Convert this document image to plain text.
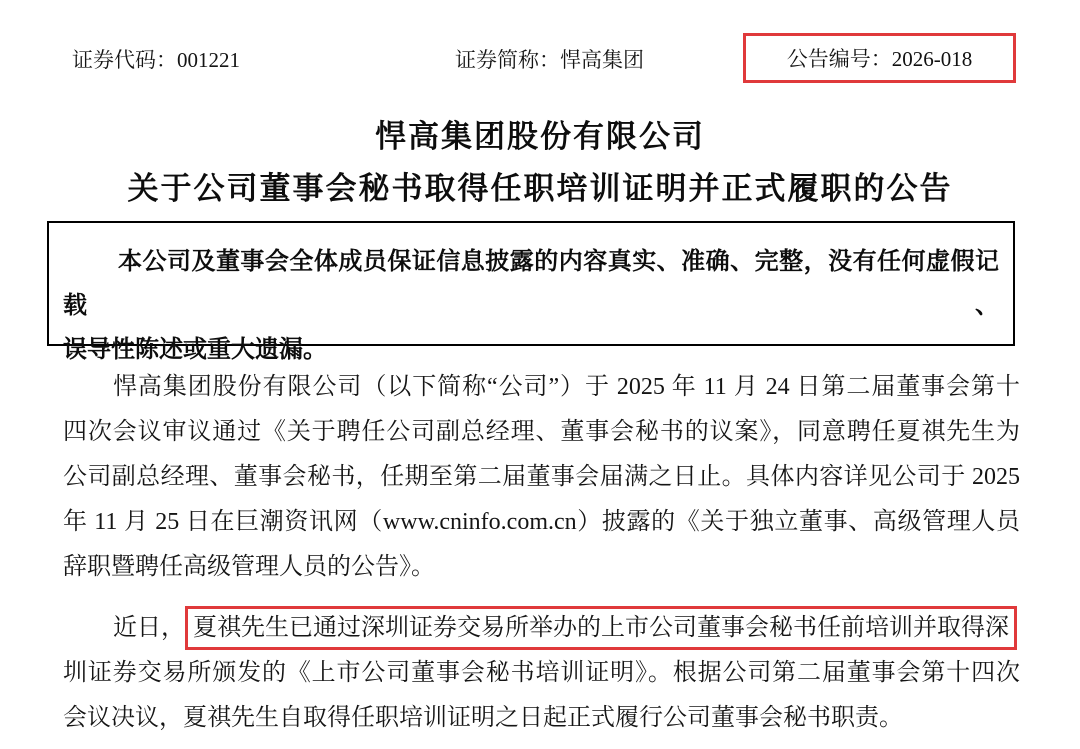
证券代码：001221	证券简称：悍高集团	公告编号：2026-018
悍高集团股份有限公司
关于公司董事会秘书取得任职培训证明并正式履职的公告
本公司及董事会全体成员保证信息披露的内容真实、准确、完整，没有任何虚假记载、
误导性陈述或重大遗漏。
悍高集团股份有限公司（以下简称“公司”）于 2025 年 11 月 24 日第二届董事会第十
四次会议审议通过《关于聘任公司副总经理、董事会秘书的议案》，同意聘任夏祺先生为
公司副总经理、董事会秘书，任期至第二届董事会届满之日止。具体内容详见公司于 2025
年 11 月 25 日在巨潮资讯网（www.cninfo.com.cn）披露的《关于独立董事、高级管理人员
辞职暨聘任高级管理人员的公告》。
近日， 夏祺先生已通过深圳证券交易所举办的上市公司董事会秘书任前培训并取得深
圳证券交易所颁发的《上市公司董事会秘书培训证明》。根据公司第二届董事会第十四次
会议决议，夏祺先生自取得任职培训证明之日起正式履行公司董事会秘书职责。
